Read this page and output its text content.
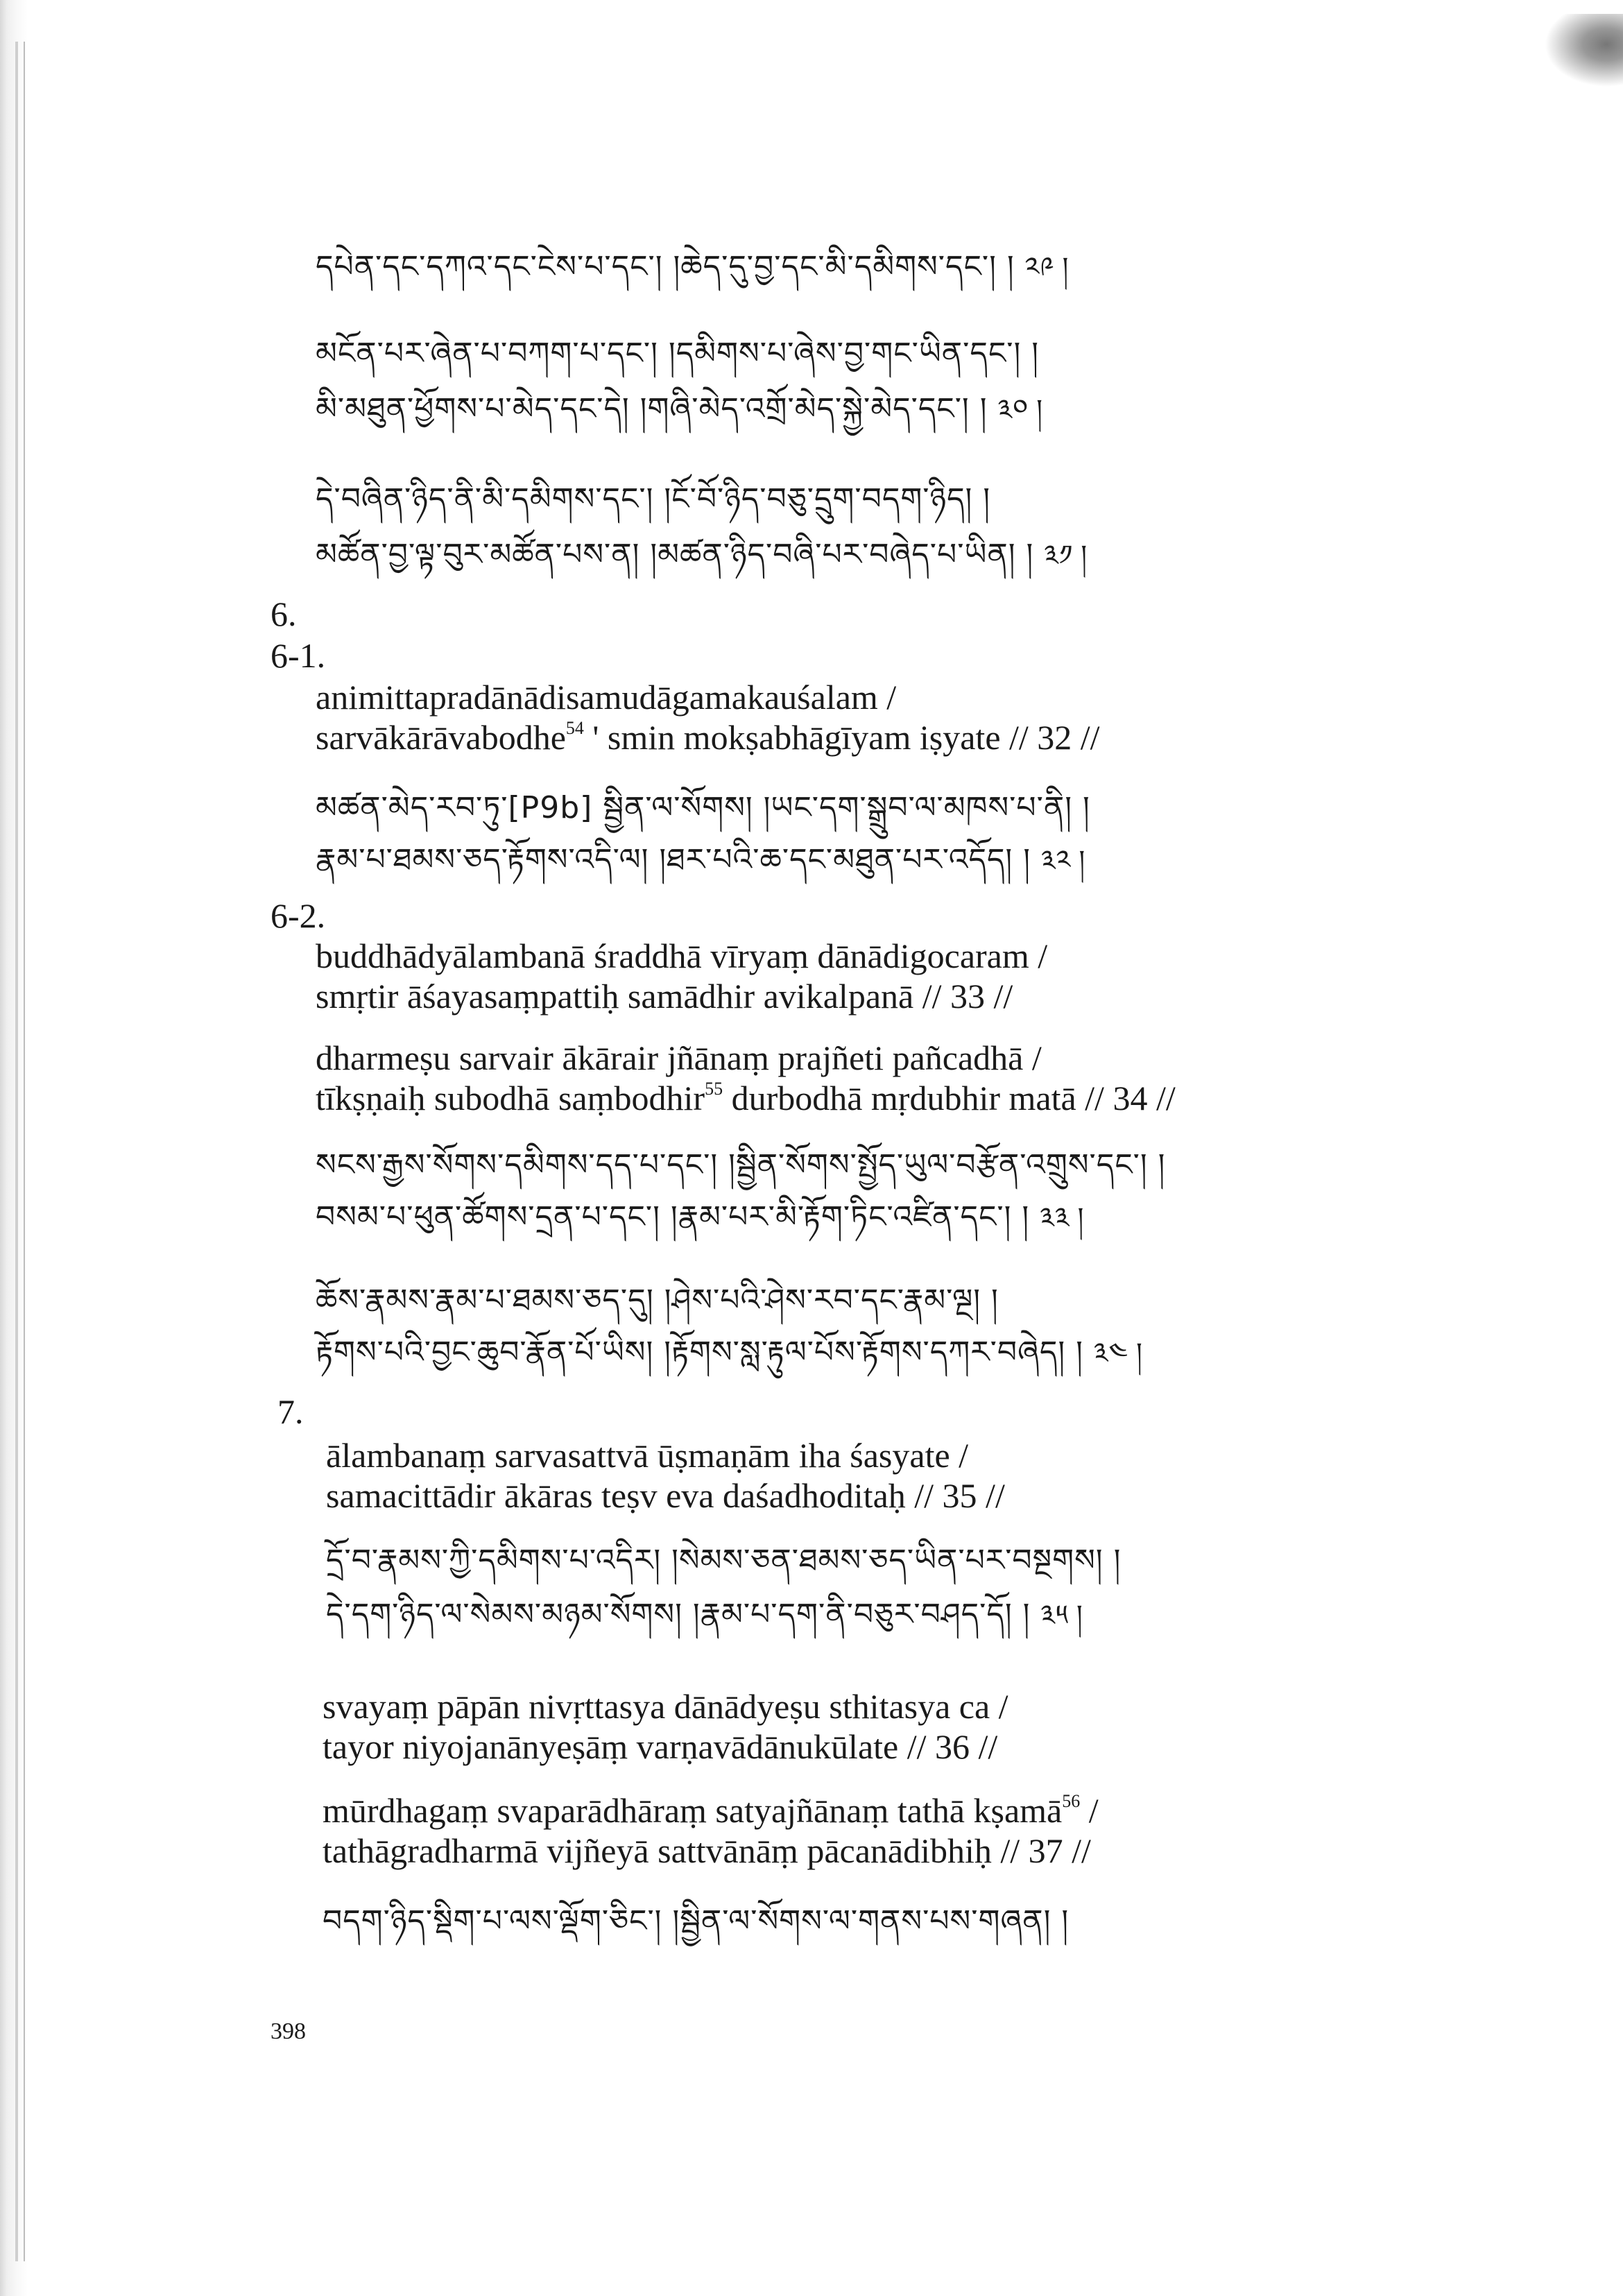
དཔེན་དང་དཀའ་དང་ངེས་པ་དང་། །ཆེད་དུ་བྱ་དང་མི་དམིགས་དང་། ། ༢༩ །
མངོན་པར་ཞེན་པ་བཀག་པ་དང་། །དམིགས་པ་ཞེས་བྱ་གང་ཡིན་དང་། །
མི་མཐུན་ཕྱོགས་པ་མེད་དང་དེ། །གཞི་མེད་འགྲོ་མེད་སྐྱེ་མེད་དང་། ། ༣༠ །
དེ་བཞིན་ཉིད་ནི་མི་དམིགས་དང་། །ངོ་བོ་ཉིད་བཅུ་དྲུག་བདག་ཉིད། །
མཚོན་བྱ་ལྟ་བུར་མཚོན་པས་ན། །མཚན་ཉིད་བཞི་པར་བཞེད་པ་ཡིན། ། ༣༡ །
6.
6-1.
animittapradānādisamudāgamakauśalam /
sarvākārāvabodhe$^{54}$ ' smin mokṣabhāgīyam iṣyate // 32 //
མཚན་མེད་རབ་ཏུ་[P9b] སྦྱིན་ལ་སོགས། །ཡང་དག་སྒྲུབ་ལ་མཁས་པ་ནི། །
རྣམ་པ་ཐམས་ཅད་རྟོགས་འདི་ལ། །ཐར་པའི་ཆ་དང་མཐུན་པར་འདོད། ། ༣༢ །
6-2.
buddhādyālambanā śraddhā vīryaṃ dānādigocaram /
smṛtir āśayasaṃpattiḥ samādhir avikalpanā // 33 //
dharmeṣu sarvair ākārair jñānaṃ prajñeti pañcadhā /
tīkṣṇaiḥ subodhā saṃbodhir$^{55}$ durbodhā mṛdubhir matā // 34 //
སངས་རྒྱས་སོགས་དམིགས་དད་པ་དང་། །སྦྱིན་སོགས་སྤྱོད་ཡུལ་བརྩོན་འགྲུས་དང་། །
བསམ་པ་ཕུན་ཚོགས་དྲན་པ་དང་། །རྣམ་པར་མི་རྟོག་ཏིང་འཛིན་དང་། ། ༣༣ །
ཆོས་རྣམས་རྣམ་པ་ཐམས་ཅད་དུ། །ཤེས་པའི་ཤེས་རབ་དང་རྣམ་ལྔ། །
རྟོགས་པའི་བྱང་ཆུབ་རྣོན་པོ་ཡིས། །རྟོགས་སླ་རྟུལ་པོས་རྟོགས་དཀར་བཞེད། ། ༣༤ །
7.
ālambanaṃ sarvasattvā ūṣmaṇām iha śasyate /
samacittādir ākāras teṣv eva daśadhoditaḥ // 35 //
དྲོ་བ་རྣམས་ཀྱི་དམིགས་པ་འདིར། །སེམས་ཅན་ཐམས་ཅད་ཡིན་པར་བསྔགས། །
དེ་དག་ཉིད་ལ་སེམས་མཉམ་སོགས། །རྣམ་པ་དག་ནི་བཅུར་བཤད་དོ། ། ༣༥ །
svayaṃ pāpān nivṛttasya dānādyeṣu sthitasya ca /
tayor niyojanānyeṣāṃ varṇavādānukūlate // 36 //
mūrdhagaṃ svaparādhāraṃ satyajñānaṃ tathā kṣamā$^{56}$ /
tathāgradharmā vijñeyā sattvānāṃ pācanādibhiḥ // 37 //
བདག་ཉིད་སྡིག་པ་ལས་ལྡོག་ཅིང་། །སྦྱིན་ལ་སོགས་ལ་གནས་པས་གཞན། །
398
